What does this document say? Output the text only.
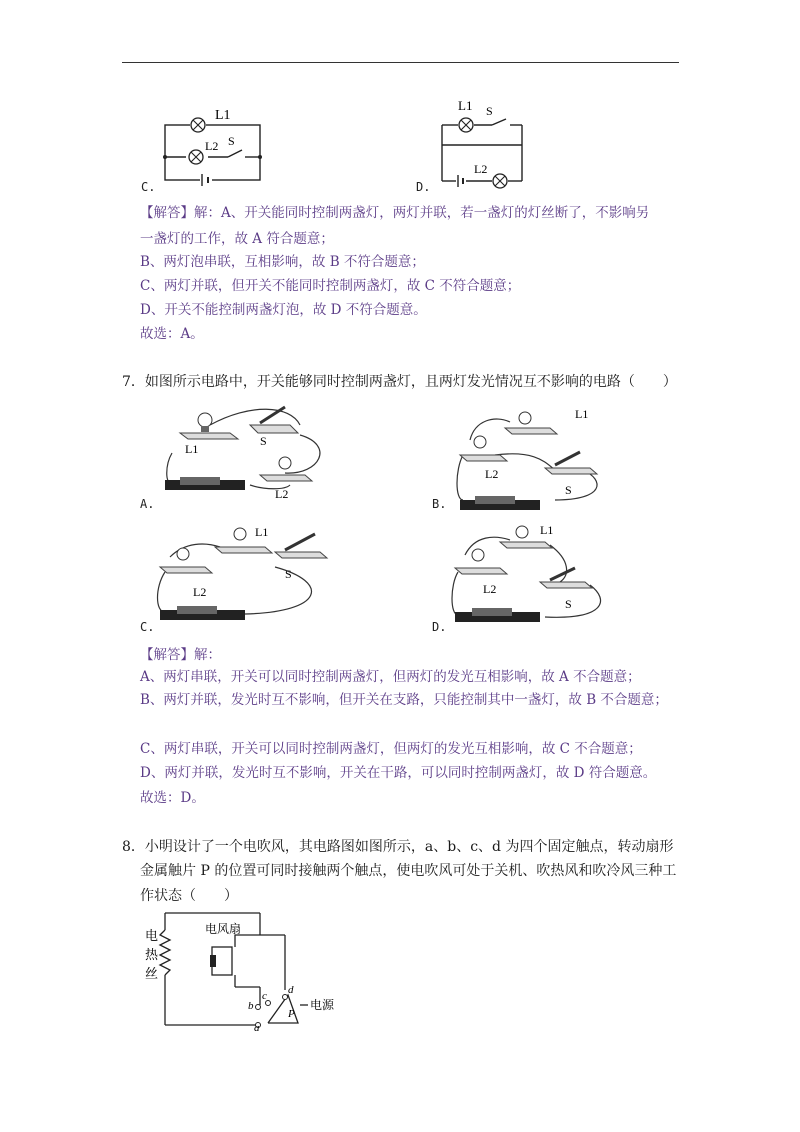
L1
L2 S
C.
L1 S
L2
D.
【解答】解：A、开关能同时控制两盏灯，两灯并联，若一盏灯的灯丝断了，不影响另
一盏灯的工作，故 A 符合题意；
B、两灯泡串联，互相影响，故 B 不符合题意；
C、两灯并联，但开关不能同时控制两盏灯，故 C 不符合题意；
D、开关不能控制两盏灯泡，故 D 不符合题意。
故选：A。
7．如图所示电路中，开关能够同时控制两盏灯，且两灯发光情况互不影响的电路（　　）
L1
S
L2
A.
L1
L2
S
B.
L1
L2
S
C.
L1
L2
S
D.
【解答】解：
A、两灯串联，开关可以同时控制两盏灯，但两灯的发光互相影响，故 A 不合题意；
B、两灯并联，发光时互不影响，但开关在支路，只能控制其中一盏灯，故 B 不合题意；
C、两灯串联，开关可以同时控制两盏灯，但两灯的发光互相影响，故 C 不合题意；
D、两灯并联，发光时互不影响，开关在干路，可以同时控制两盏灯，故 D 符合题意。
故选：D。
8．小明设计了一个电吹风，其电路图如图所示，a、b、c、d 为四个固定触点，转动扇形
金属触片 P 的位置可同时接触两个触点，使电吹风可处于关机、吹热风和吹冷风三种工
作状态（　　）
电
热
丝
电风扇
电源
b
c d
a
P
